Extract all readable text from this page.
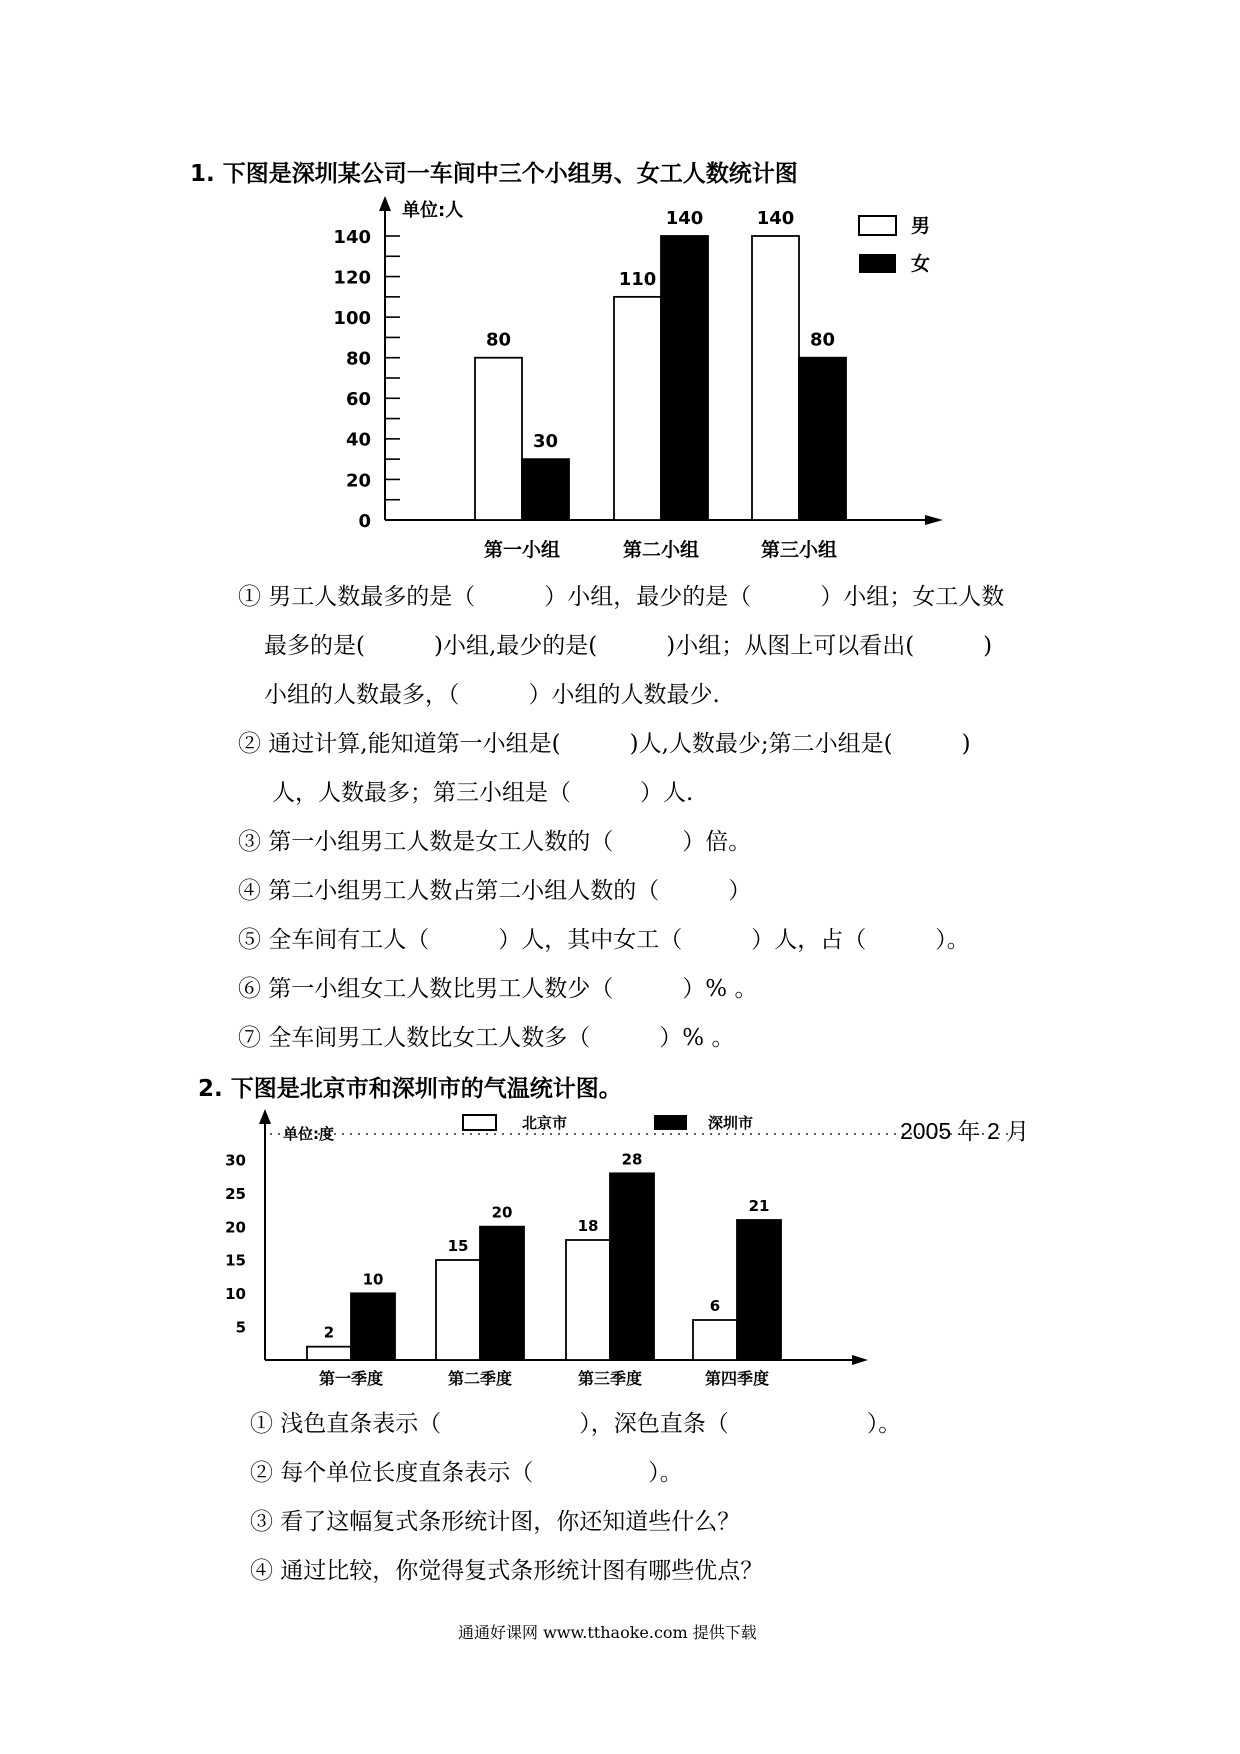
1. 下图是深圳某公司一车间中三个小组男、女工人数统计图
0
20
40
60
80
100
120
140
80
30
第一小组
110
140
第二小组
140
80
第三小组
单位:人
男
女
① 男工人数最多的是（　　　）小组，最少的是（　　　）小组；女工人数
最多的是(　　　)小组,最少的是(　　　)小组；从图上可以看出(　　　)
小组的人数最多，（　　　）小组的人数最少.
② 通过计算,能知道第一小组是(　　　)人,人数最少;第二小组是(　　　)
人，人数最多；第三小组是（　　　）人.
③ 第一小组男工人数是女工人数的（　　　）倍。
④ 第二小组男工人数占第二小组人数的（　　　）
⑤ 全车间有工人（　　　）人，其中女工（　　　）人，占（　　　）。
⑥ 第一小组女工人数比男工人数少（　　　）% 。
⑦ 全车间男工人数比女工人数多（　　　）% 。
2. 下图是北京市和深圳市的气温统计图。
5
10
15
20
25
30
2
10
第一季度
15
20
第二季度
18
28
第三季度
6
21
第四季度
单位:度
北京市	深圳市	2005 年 2 月
① 浅色直条表示（　　　　　　），深色直条（　　　　　　）。
② 每个单位长度直条表示（　　　　　）。
③ 看了这幅复式条形统计图，你还知道些什么？
④ 通过比较，你觉得复式条形统计图有哪些优点？
通通好课网 www.tthaoke.com 提供下载
